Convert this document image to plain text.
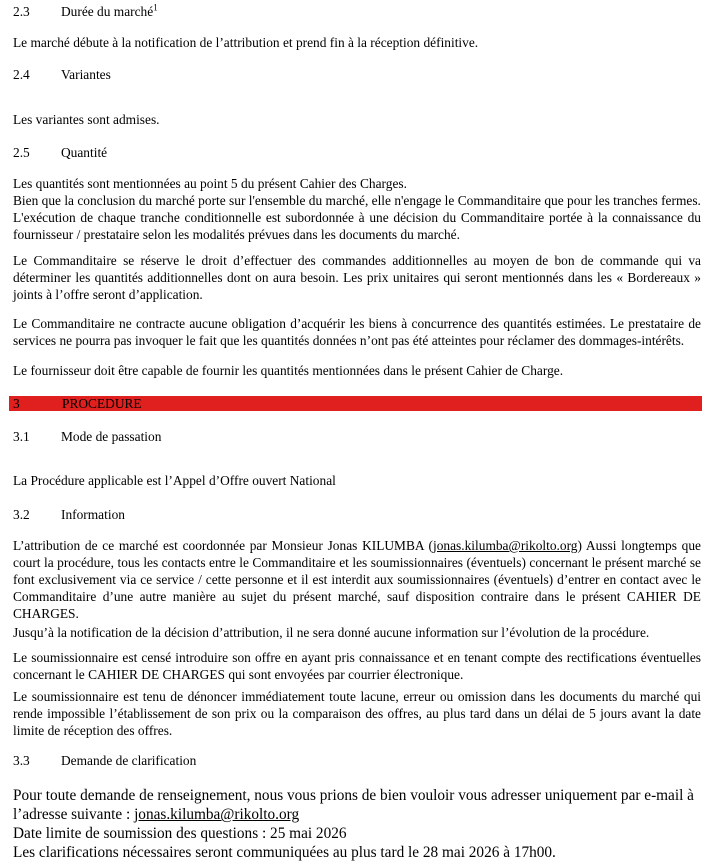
2.3	Durée du marché$^1$
Le marché débute à la notification de l’attribution et prend fin à la réception définitive.
2.4	Variantes
Les variantes sont admises.
2.5	Quantité
Les quantités sont mentionnées au point 5 du présent Cahier des Charges.
Bien que la conclusion du marché porte sur l'ensemble du marché, elle n'engage le Commanditaire que pour les tranches fermes.
L'exécution de chaque tranche conditionnelle est subordonnée à une décision du Commanditaire portée à la connaissance du
fournisseur / prestataire selon les modalités prévues dans les documents du marché.
Le Commanditaire se réserve le droit d’effectuer des commandes additionnelles au moyen de bon de commande qui va déterminer les quantités additionnelles dont on aura besoin. Les prix unitaires qui seront mentionnés dans les « Bordereaux » joints à l’offre seront d’application.
Le Commanditaire ne contracte aucune obligation d’acquérir les biens à concurrence des quantités estimées. Le prestataire de services ne pourra pas invoquer le fait que les quantités données n’ont pas été atteintes pour réclamer des dommages-intérêts.
Le fournisseur doit être capable de fournir les quantités mentionnées dans le présent Cahier de Charge.
3	PROCEDURE
3.1	Mode de passation
La Procédure applicable est l’Appel d’Offre ouvert National
3.2	Information
L’attribution de ce marché est coordonnée par Monsieur Jonas KILUMBA (jonas.kilumba@rikolto.org) Aussi longtemps que court la procédure, tous les contacts entre le Commanditaire et les soumissionnaires (éventuels) concernant le présent marché se font exclusivement via ce service / cette personne et il est interdit aux soumissionnaires (éventuels) d’entrer en contact avec le Commanditaire d’une autre manière au sujet du présent marché, sauf disposition contraire dans le présent CAHIER DE CHARGES.
Jusqu’à la notification de la décision d’attribution, il ne sera donné aucune information sur l’évolution de la procédure.
Le soumissionnaire est censé introduire son offre en ayant pris connaissance et en tenant compte des rectifications éventuelles concernant le CAHIER DE CHARGES qui sont envoyées par courrier électronique.
Le soumissionnaire est tenu de dénoncer immédiatement toute lacune, erreur ou omission dans les documents du marché qui rende impossible l’établissement de son prix ou la comparaison des offres, au plus tard dans un délai de 5 jours avant la date limite de réception des offres.
3.3	Demande de clarification
Pour toute demande de renseignement, nous vous prions de bien vouloir vous adresser uniquement par e-mail à
l’adresse suivante : jonas.kilumba@rikolto.org
Date limite de soumission des questions : 25 mai 2026
Les clarifications nécessaires seront communiquées au plus tard le 28 mai 2026 à 17h00.
